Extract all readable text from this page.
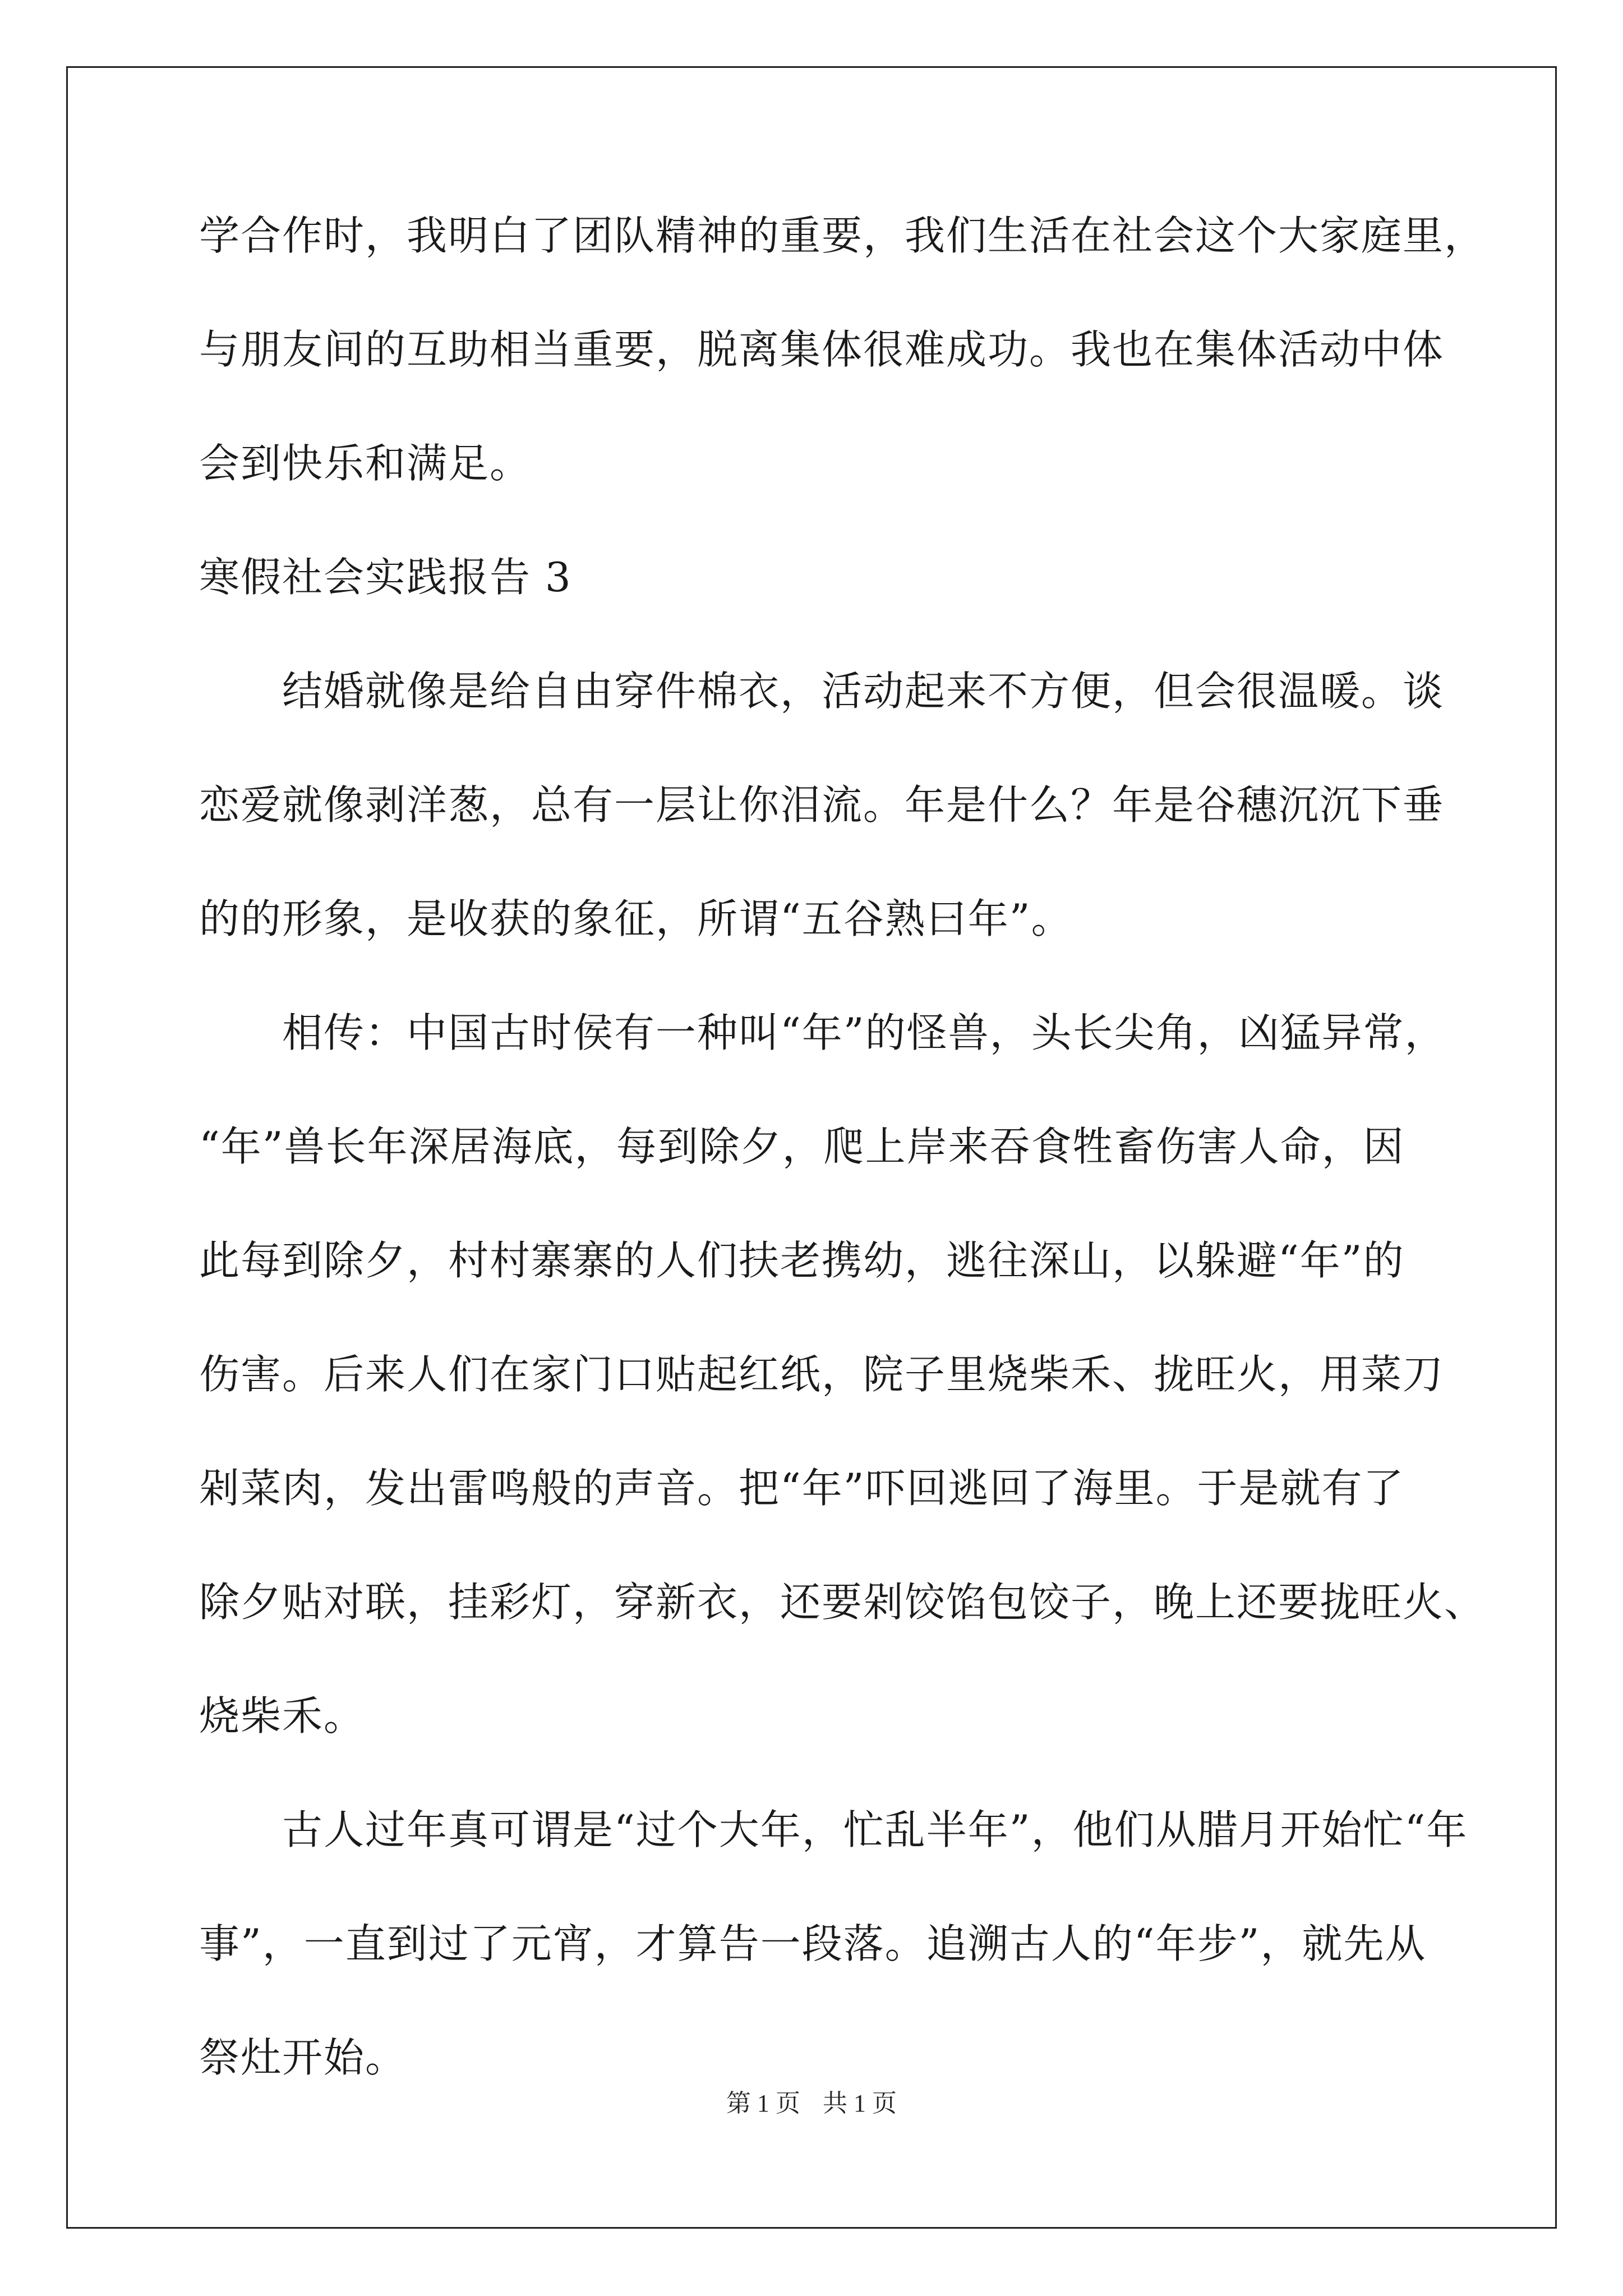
学合作时，我明白了团队精神的重要，我们生活在社会这个大家庭里，
与朋友间的互助相当重要，脱离集体很难成功。我也在集体活动中体
会到快乐和满足。
寒假社会实践报告 3
结婚就像是给自由穿件棉衣，活动起来不方便，但会很温暖。谈
恋爱就像剥洋葱，总有一层让你泪流。年是什么？年是谷穗沉沉下垂
的的形象，是收获的象征，所谓“五谷熟曰年”。
相传：中国古时侯有一种叫“年”的怪兽，头长尖角，凶猛异常，
“年”兽长年深居海底，每到除夕，爬上岸来吞食牲畜伤害人命，因
此每到除夕，村村寨寨的人们扶老携幼，逃往深山，以躲避“年”的
伤害。后来人们在家门口贴起红纸，院子里烧柴禾、拢旺火，用菜刀
剁菜肉，发出雷鸣般的声音。把“年”吓回逃回了海里。于是就有了
除夕贴对联，挂彩灯，穿新衣，还要剁饺馅包饺子，晚上还要拢旺火、
烧柴禾。
古人过年真可谓是“过个大年，忙乱半年”，他们从腊月开始忙“年
事”，一直到过了元宵，才算告一段落。追溯古人的“年步”，就先从
祭灶开始。
第 1 页 共 1 页
